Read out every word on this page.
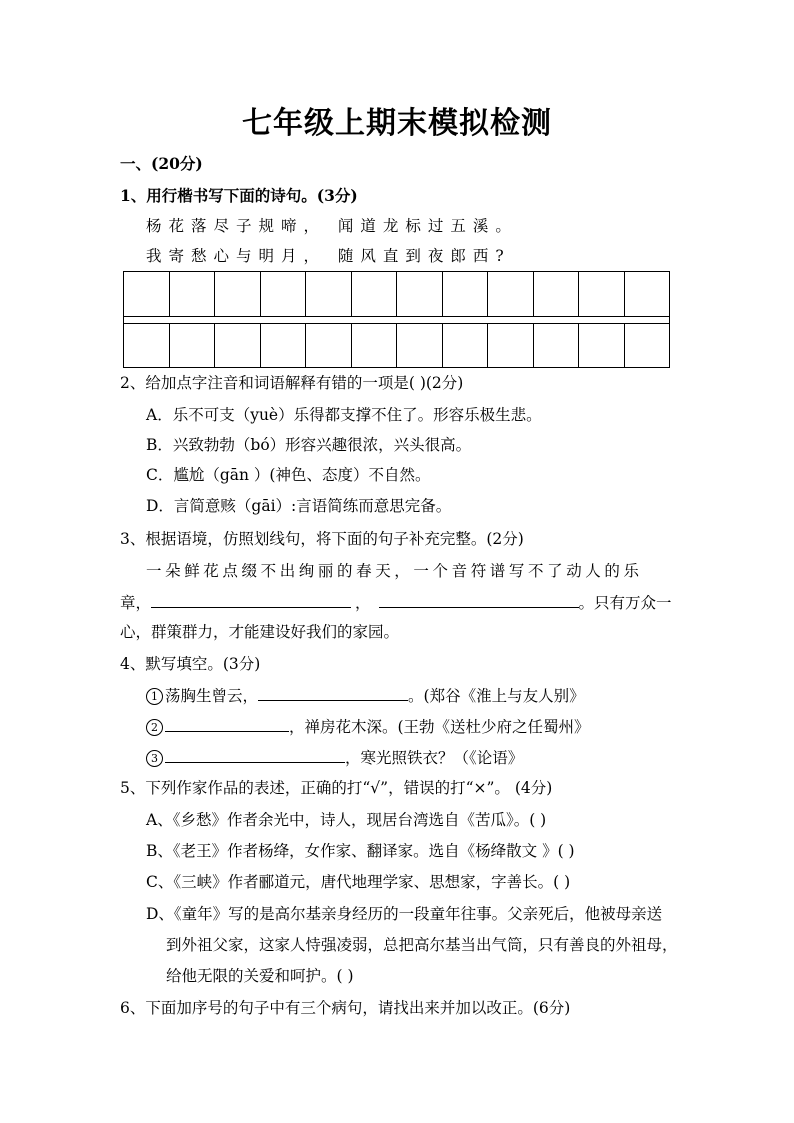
七年级上期末模拟检测
一、(20分)
1、用行楷书写下面的诗句。(3分)
杨花落尽子规啼， 闻道龙标过五溪。
我寄愁心与明月， 随风直到夜郎西?
2、给加点字注音和词语解释有错的一项是( )(2分)
A．乐不可支（yuè）乐得都支撑不住了。形容乐极生悲。
B．兴致勃勃（bó）形容兴趣很浓，兴头很高。
C．尴尬（gān ）(神色、态度）不自然。
D．言简意赅（gāi）:言语简练而意思完备。
3、根据语境，仿照划线句，将下面的句子补充完整。(2分)
一朵鲜花点缀不出绚丽的春天，一个音符谱写不了动人的乐
章，	，	。只有万众一
心，群策群力，才能建设好我们的家园。
4、默写填空。(3分)
1 荡胸生曾云，	。(郑谷《淮上与友人别》
2	，禅房花木深。(王勃《送杜少府之任蜀州》
3	，寒光照铁衣？（《论语》
5、下列作家作品的表述，正确的打“√”，错误的打“×”。 (4分)
A、《乡愁》作者余光中，诗人，现居台湾选自《苦瓜》。( )
B、《老王》作者杨绛，女作家、翻译家。选自《杨绛散文 》( )
C、《三峡》作者郦道元，唐代地理学家、思想家，字善长。( )
D、《童年》写的是高尔基亲身经历的一段童年往事。父亲死后，他被母亲送
到外祖父家，这家人恃强凌弱，总把高尔基当出气筒，只有善良的外祖母，
给他无限的关爱和呵护。( )
6、下面加序号的句子中有三个病句，请找出来并加以改正。(6分)
